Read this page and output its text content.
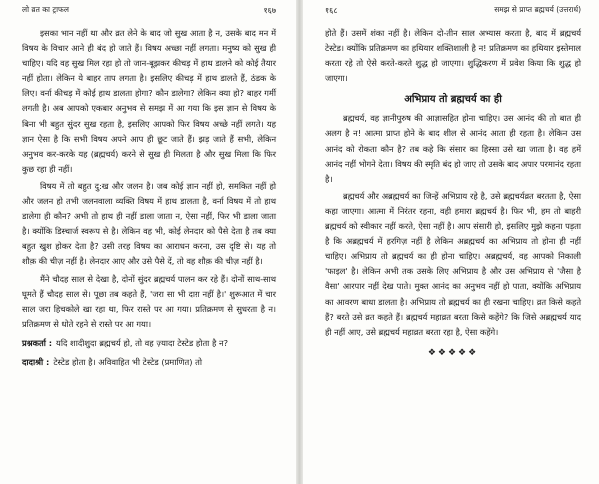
लो व्रत का ट्राफल	१६७

इसका भान नहीं था और व्रत लेने के बाद जो सुख आता है न, उसके बाद मन में विषय के विचार आने ही बंद हो जाते हैं। विषय अच्छा नहीं लगता। मनुष्य को सुख ही चाहिए। यदि वह सुख मिल रहा हो तो जान-बूझकर कीचड़ में हाथ डालने को कोई तैयार नहीं होता। लेकिन ये बाहर ताप लगता है। इसलिए कीचड़ में हाथ डालते हैं, ठंडक के लिए। वर्ना कीचड़ में कोई हाथ डालता होगा? कौन डालेगा? लेकिन क्या हो? बाहर गर्मी लगती है। अब आपको एकबार अनुभव से समझ में आ गया कि इस ज्ञान से विषय के बिना भी बहुत सुंदर सुख रहता है, इसलिए आपको फिर विषय अच्छे नहीं लगते। यह ज्ञान ऐसा है कि सभी विषय अपने आप ही छूट जाते हैं। झड़ जाते हैं सभी, लेकिन अनुभव कर-करके यह (ब्रह्मचर्य) करने से सुख ही मिलता है और सुख मिला कि फिर कुछ रहा ही नहीं।

विषय में तो बहुत दु:ख और जलन है। जब कोई ज्ञान नहीं हो, समकित नहीं हो और जलन हो तभी जलनवाला व्यक्ति विषय में हाथ डालता है, वर्ना विषय में तो हाथ डालेगा ही कौन? अभी तो हाथ ही नहीं डाला जाता न, ऐसा नहीं, फिर भी डाला जाता है। क्योंकि डिस्चार्ज स्वरूप से है। लेकिन वह भी, कोई लेनदार को पैसे देता है तब क्या बहुत खुश होकर देता है? उसी तरह विषय का आराधन करना, उस दृष्टि से। यह तो शौक़ की चीज़ नहीं है। लेनदार आए और उसे पैसे दें, तो वह शौक़ की चीज़ नहीं है।

मैंने चौदह साल से देखा है, दोनों सुंदर ब्रह्मचर्य पालन कर रहे हैं। दोनों साथ-साथ घूमते हैं चौदह साल से। पूछा तब कहते हैं, 'जरा सा भी दाग़ नहीं है।' शुरूआत में चार साल जरा हिचकोले खा रहा था, फिर रास्ते पर आ गया। प्रतिक्रमण से सुधरता है न। प्रतिक्रमण से धोते रहने से रास्ते पर आ गया।

प्रश्नकर्ता : यदि शादीशुदा ब्रह्मचर्य हो, तो वह ज़्यादा टेस्टेड होता है न?
दादाश्री : टेस्टेड होता है। अविवाहित भी टेस्टेड (प्रमाणित) तो
१६८	समझ से प्राप्त ब्रह्मचर्य (उत्तरार्ध)

होते हैं। उसमें शंका नहीं है। लेकिन दो-तीन साल अभ्यास करता है, बाद में ब्रह्मचर्य टेस्टेड। क्योंकि प्रतिक्रमण का हथियार शक्तिशाली है न! प्रतिक्रमण का हथियार इस्तेमाल करता रहे तो ऐसे करते-करते शुद्ध हो जाएगा। शुद्धिकरण में प्रवेश किया कि शुद्ध हो जाएगा।

अभिप्राय तो ब्रह्मचर्य का ही

ब्रह्मचर्य, वह ज्ञानीपुरुष की आज्ञासहित होना चाहिए। उस आनंद की तो बात ही अलग है न! आत्मा प्राप्त होने के बाद शील से आनंद आता ही रहता है। लेकिन उस आनंद को रोकता कौन है? तब कहे कि संसार का हिस्सा उसे खा जाता है। वह हमें आनंद नहीं भोगने देता। विषय की स्मृति बंद हो जाए तो उसके बाद अपार परमानंद रहता है।

ब्रह्मचर्य और अब्रह्मचर्य का जिन्हें अभिप्राय रहे है, उसे ब्रह्मचर्यव्रत बरतता है, ऐसा कहा जाएगा। आत्मा में निरंतर रहना, वही हमारा ब्रह्मचर्य है। फिर भी, हम तो बाहरी ब्रह्मचर्य को स्वीकार नहीं करते, ऐसा नहीं है। आप संसारी हो, इसलिए मुझे कहना पड़ता है कि अब्रह्मचर्य में हरगिज़ नहीं है लेकिन अब्रह्मचर्य का अभिप्राय तो होना ही नहीं चाहिए। अभिप्राय तो ब्रह्मचर्य का ही होना चाहिए। अब्रह्मचर्य, वह आपको निकाली 'फाइल' है। लेकिन अभी तक उसके लिए अभिप्राय है और उस अभिप्राय से 'जैसा है वैसा' आरपार नहीं देख पाते। मुक्त आनंद का अनुभव नहीं हो पाता, क्योंकि अभिप्राय का आवरण बाधा डालता है। अभिप्राय तो ब्रह्मचर्य का ही रखना चाहिए। व्रत किसे कहते हैं? बरते उसे व्रत कहते हैं। ब्रह्मचर्य महाव्रत बरता किसे कहेंगे? कि जिसे अब्रह्मचर्य याद ही नहीं आए, उसे ब्रह्मचर्य महाव्रत बरता रहा है, ऐसा कहेंगे।

❖❖❖❖❖
